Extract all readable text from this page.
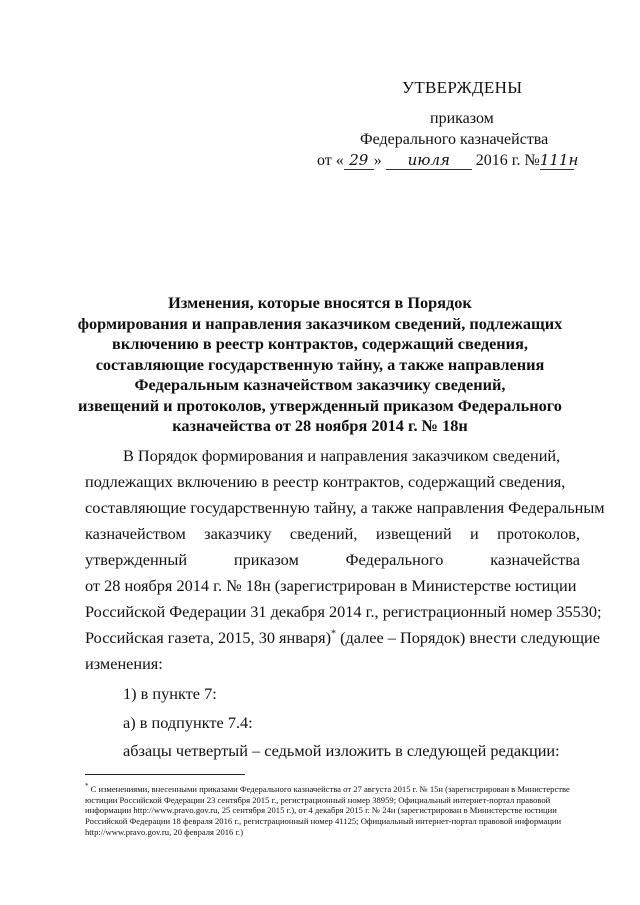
УТВЕРЖДЕНЫ
приказом
Федерального казначейства
от « 29 » июля 2016 г. №111н
Изменения, которые вносятся в Порядок
формирования и направления заказчиком сведений, подлежащих
включению в реестр контрактов, содержащий сведения,
составляющие государственную тайну, а также направления
Федеральным казначейством заказчику сведений,
извещений и протоколов, утвержденный приказом Федерального
казначейства от 28 ноября 2014 г. № 18н
В Порядок формирования и направления заказчиком сведений,
подлежащих включению в реестр контрактов, содержащий сведения,
составляющие государственную тайну, а также направления Федеральным
казначейством заказчику сведений, извещений и протоколов,
утвержденный	приказом	Федерального	казначейства
от 28 ноября 2014 г. № 18н (зарегистрирован в Министерстве юстиции
Российской Федерации 31 декабря 2014 г., регистрационный номер 35530;
Российская газета, 2015, 30 января)* (далее – Порядок) внести следующие
изменения:
1) в пункте 7:
а) в подпункте 7.4:
абзацы четвертый – седьмой изложить в следующей редакции:
* С изменениями, внесенными приказами Федерального казначейства от 27 августа 2015 г. № 15н (зарегистрирован в Министерстве
юстиции Российской Федерации 23 сентября 2015 г., регистрационный номер 38959; Официальный интернет-портал правовой
информации http://www.pravo.gov.ru, 25 сентября 2015 г.), от 4 декабря 2015 г. № 24н (зарегистрирован в Министерстве юстиции
Российской Федерации 18 февраля 2016 г., регистрационный номер 41125; Официальный интернет-портал правовой информации
http://www.pravo.gov.ru, 20 февраля 2016 г.)
